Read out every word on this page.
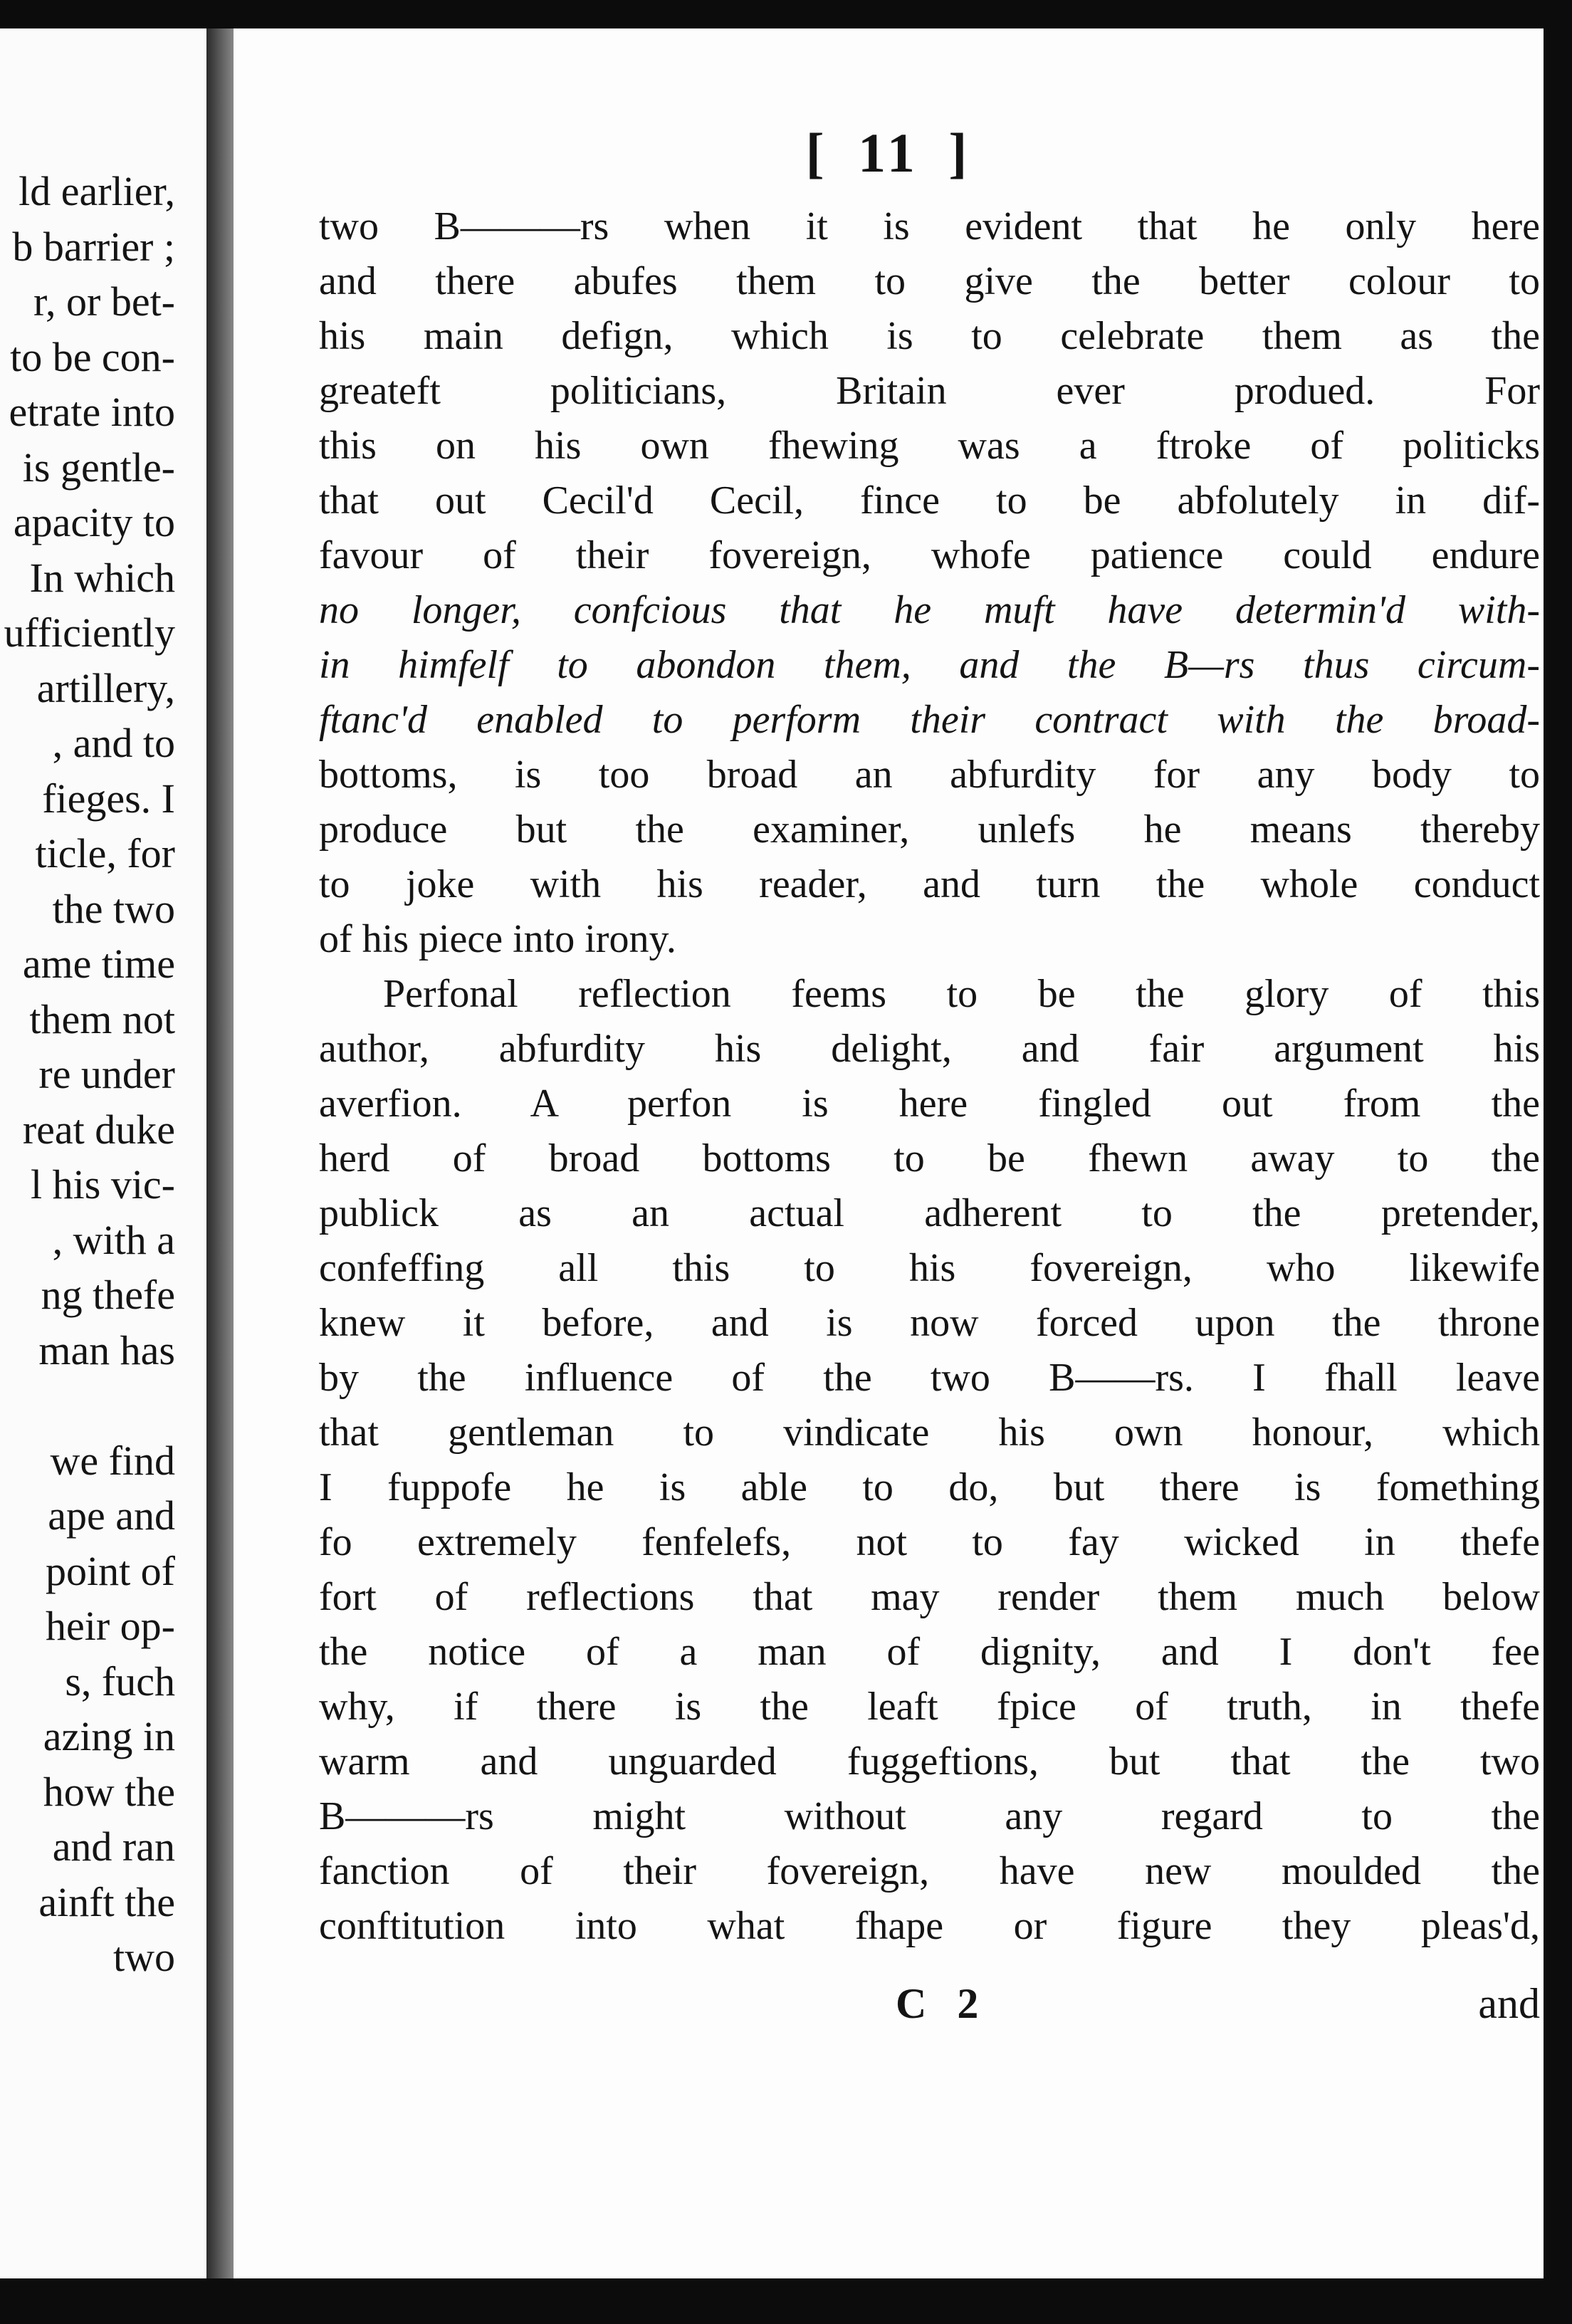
ld earlier,
b barrier ;
r, or bet-
to be con-
etrate into
is gentle-
apacity to
In which
ufficiently
artillery,
, and to
fieges. I
ticle, for
the two
ame time
them not
re under
reat duke
l his vic-
, with a
ng thefe
man has
we find
ape and
point of
heir op-
s, fuch
azing in
how the
and ran
ainft the
two
[ 11 ]
two B———rs when it is evident that he only here
and there abufes them to give the better colour to
his main defign, which is to celebrate them as the
greateft politicians, Britain ever produed. For
this on his own fhewing was a ftroke of politicks
that out Cecil'd Cecil, fince to be abfolutely in dif-
favour of their fovereign, whofe patience could endure
no longer, confcious that he muft have determin'd with-
in himfelf to abondon them, and the B—rs thus circum-
ftanc'd enabled to perform their contract with the broad-
bottoms, is too broad an abfurdity for any body to
produce but the examiner, unlefs he means thereby
to joke with his reader, and turn the whole conduct
of his piece into irony.
Perfonal reflection feems to be the glory of this
author, abfurdity his delight, and fair argument his
averfion. A perfon is here fingled out from the
herd of broad bottoms to be fhewn away to the
publick as an actual adherent to the pretender,
confeffing all this to his fovereign, who likewife
knew it before, and is now forced upon the throne
by the influence of the two B——rs. I fhall leave
that gentleman to vindicate his own honour, which
I fuppofe he is able to do, but there is fomething
fo extremely fenfelefs, not to fay wicked in thefe
fort of reflections that may render them much below
the notice of a man of dignity, and I don't fee
why, if there is the leaft fpice of truth, in thefe
warm and unguarded fuggeftions, but that the two
B———rs might without any regard to the
fanction of their fovereign, have new moulded the
conftitution into what fhape or figure they pleas'd,
C 2	and
